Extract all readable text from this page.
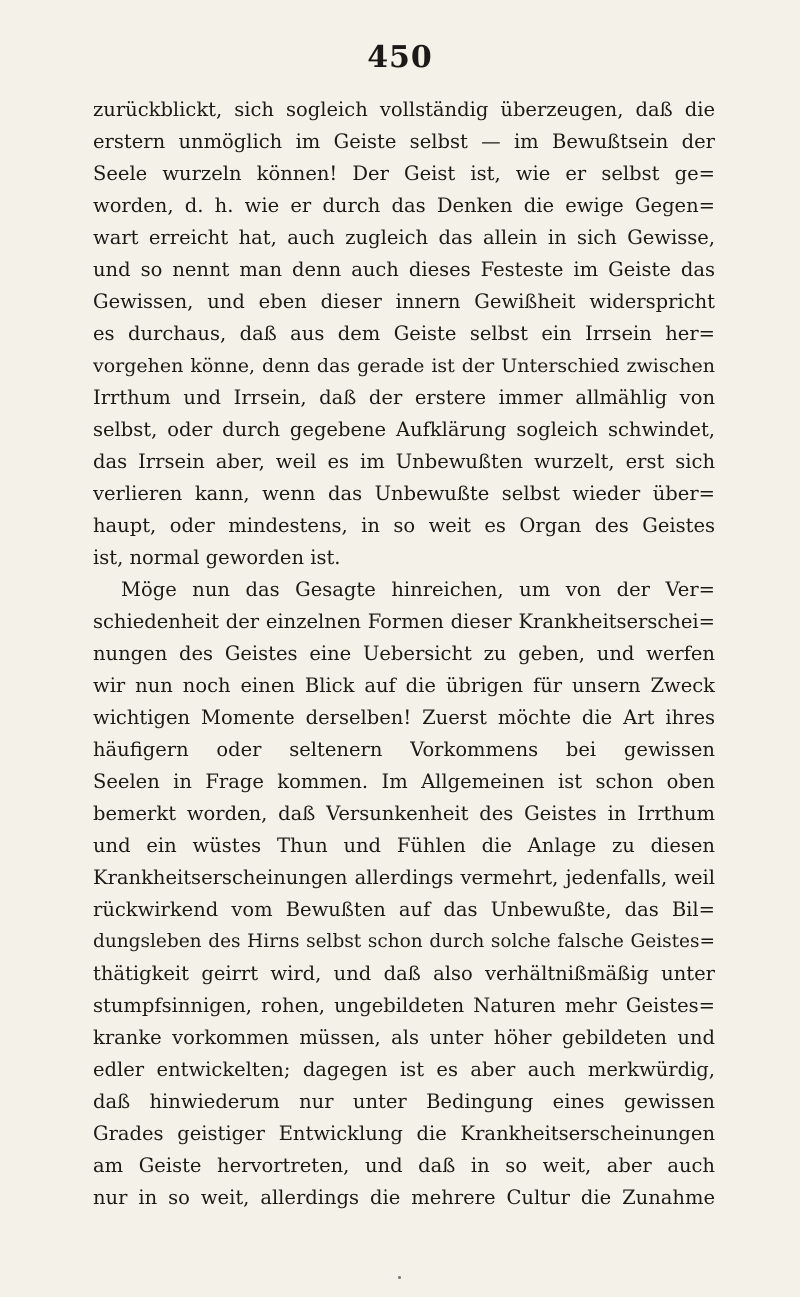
450
zurückblickt, sich sogleich vollständig überzeugen, daß die
erstern unmöglich im Geiste selbst — im Bewußtsein der
Seele wurzeln können! Der Geist ist, wie er selbst ge=
worden, d. h. wie er durch das Denken die ewige Gegen=
wart erreicht hat, auch zugleich das allein in sich Gewisse,
und so nennt man denn auch dieses Festeste im Geiste das
Gewissen, und eben dieser innern Gewißheit widerspricht
es durchaus, daß aus dem Geiste selbst ein Irrsein her=
vorgehen könne, denn das gerade ist der Unterschied zwischen
Irrthum und Irrsein, daß der erstere immer allmählig von
selbst, oder durch gegebene Aufklärung sogleich schwindet,
das Irrsein aber, weil es im Unbewußten wurzelt, erst sich
verlieren kann, wenn das Unbewußte selbst wieder über=
haupt, oder mindestens, in so weit es Organ des Geistes
ist, normal geworden ist.
Möge nun das Gesagte hinreichen, um von der Ver=
schiedenheit der einzelnen Formen dieser Krankheitserschei=
nungen des Geistes eine Uebersicht zu geben, und werfen
wir nun noch einen Blick auf die übrigen für unsern Zweck
wichtigen Momente derselben! Zuerst möchte die Art ihres
häufigern oder seltenern Vorkommens bei gewissen
Seelen in Frage kommen. Im Allgemeinen ist schon oben
bemerkt worden, daß Versunkenheit des Geistes in Irrthum
und ein wüstes Thun und Fühlen die Anlage zu diesen
Krankheitserscheinungen allerdings vermehrt, jedenfalls, weil
rückwirkend vom Bewußten auf das Unbewußte, das Bil=
dungsleben des Hirns selbst schon durch solche falsche Geistes=
thätigkeit geirrt wird, und daß also verhältnißmäßig unter
stumpfsinnigen, rohen, ungebildeten Naturen mehr Geistes=
kranke vorkommen müssen, als unter höher gebildeten und
edler entwickelten; dagegen ist es aber auch merkwürdig,
daß hinwiederum nur unter Bedingung eines gewissen
Grades geistiger Entwicklung die Krankheitserscheinungen
am Geiste hervortreten, und daß in so weit, aber auch
nur in so weit, allerdings die mehrere Cultur die Zunahme
